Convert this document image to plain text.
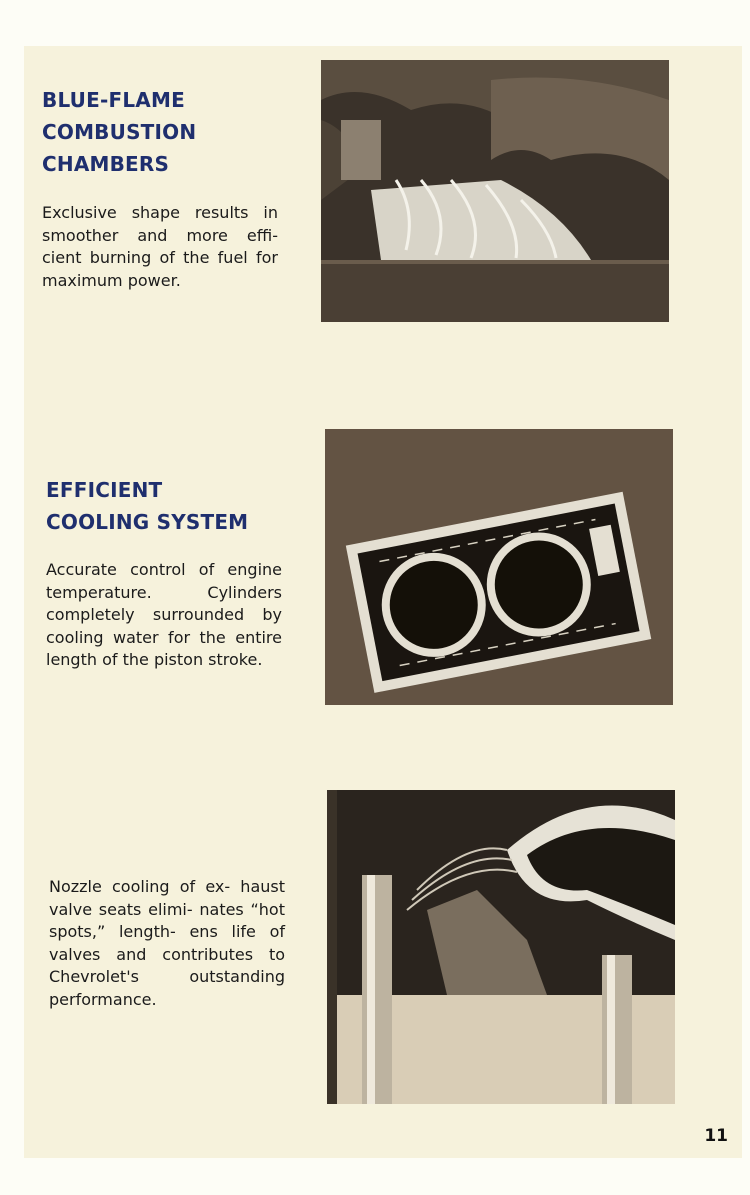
BLUE-FLAME
COMBUSTION
CHAMBERS
Exclusive shape results in smoother and more effi- cient burning of the fuel for maximum power.
EFFICIENT
COOLING SYSTEM
Accurate control of engine temperature. Cylinders completely surrounded by cooling water for the entire length of the piston stroke.
Nozzle cooling of ex- haust valve seats elimi- nates “hot spots,” length- ens life of valves and contributes to Chevrolet's outstanding performance.
11
